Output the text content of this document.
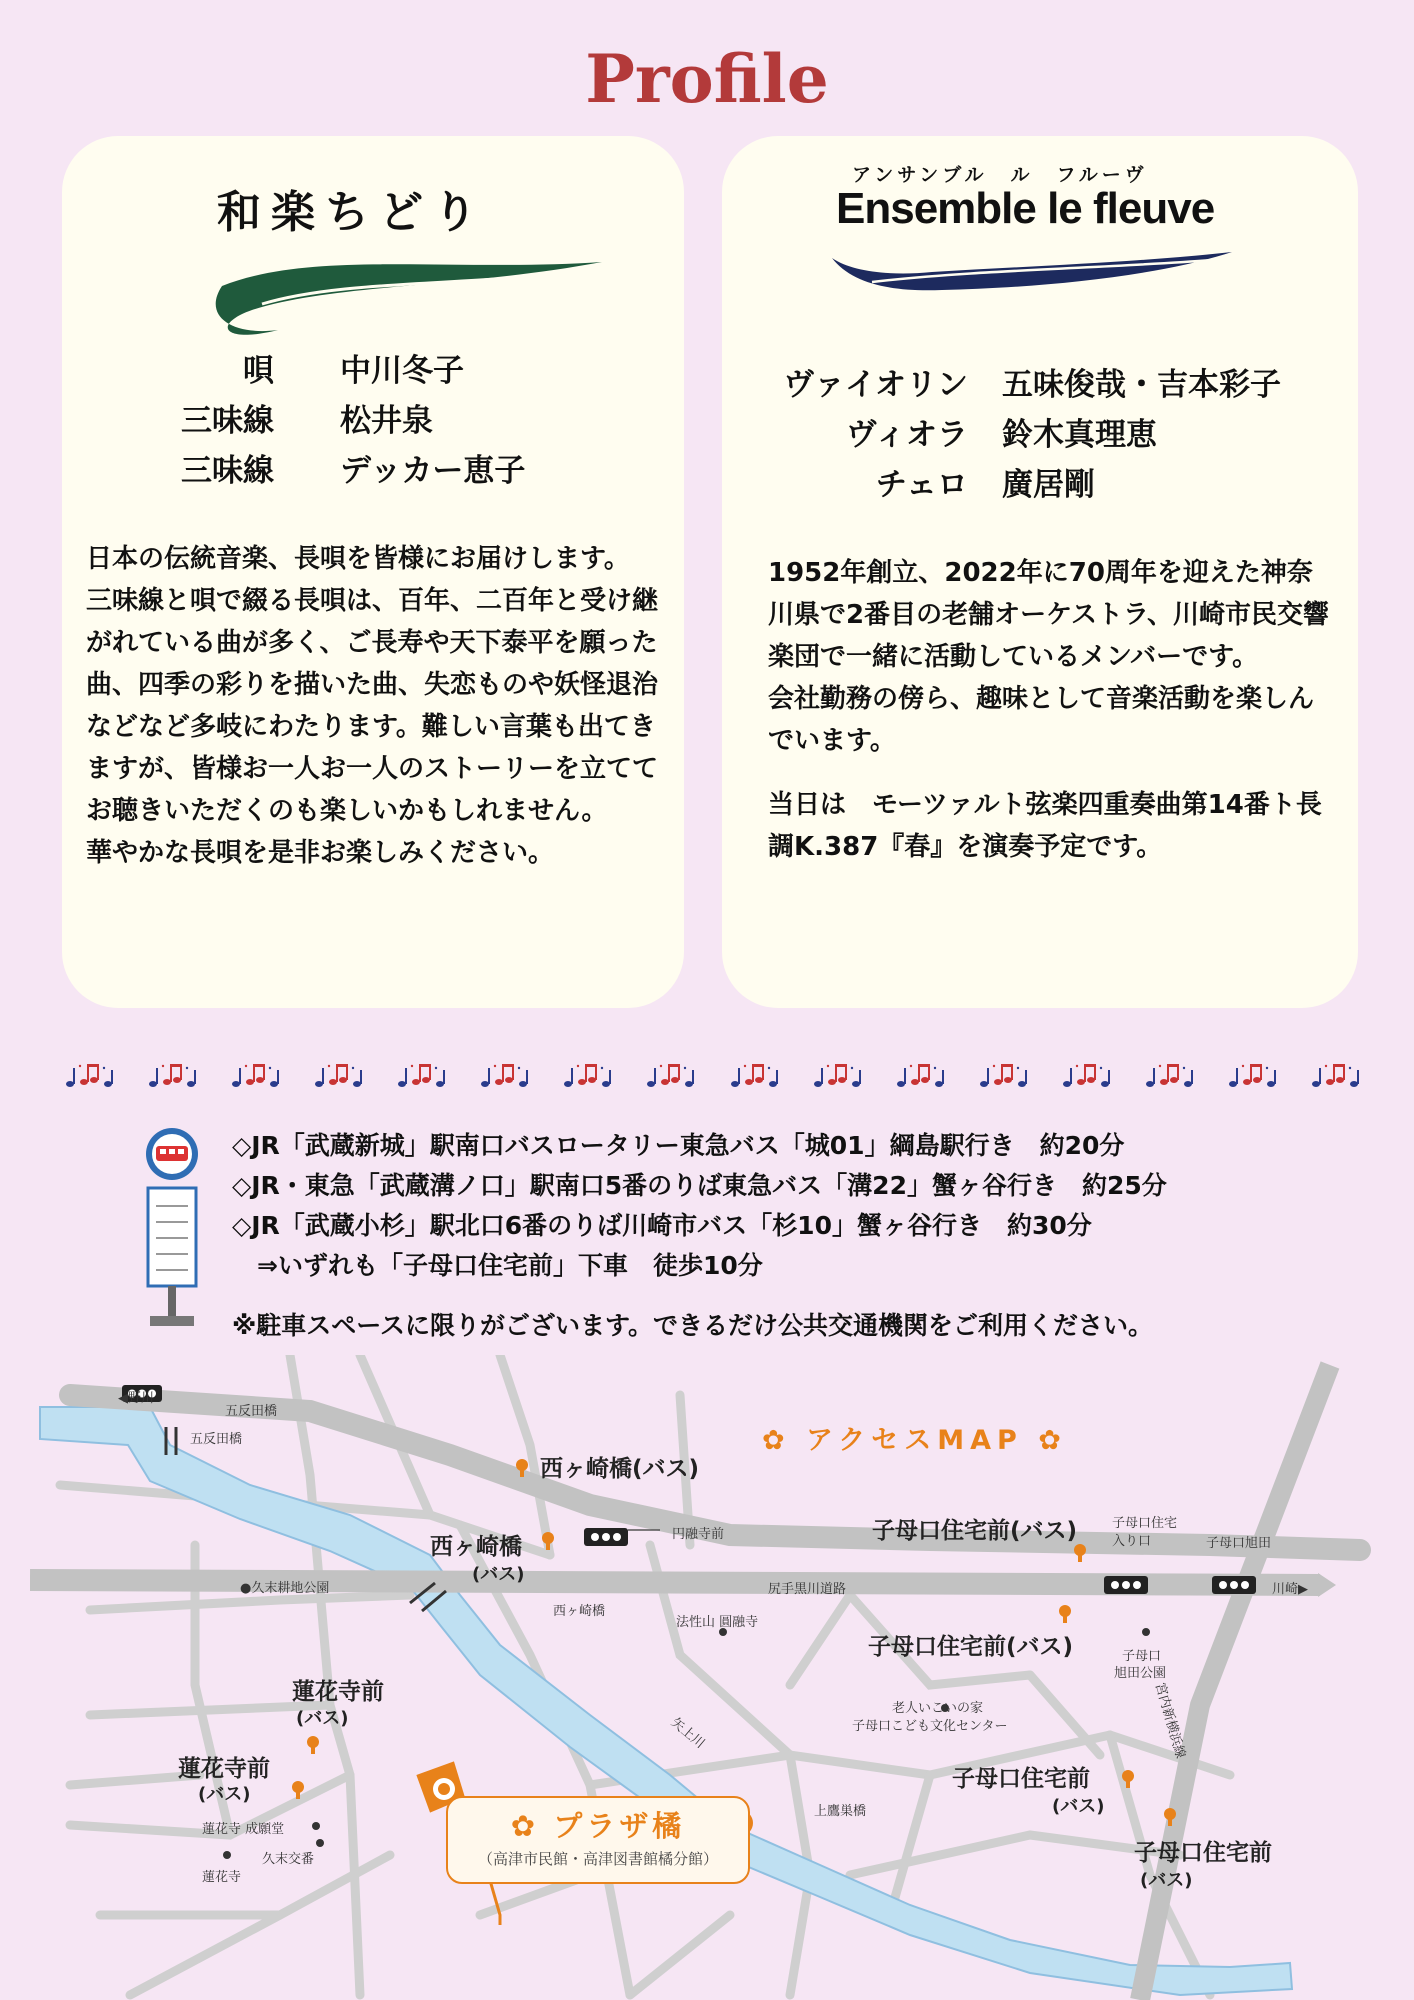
Profile
和楽ちどり
唄 中川冬子
三味線 松井泉
三味線 デッカー恵子

日本の伝統音楽、長唄を皆様にお届けします。

三味線と唄で綴る長唄は、百年、二百年と受け継がれている曲が多く、ご長寿や天下泰平を願った曲、四季の彩りを描いた曲、失恋ものや妖怪退治などなど多岐にわたります。難しい言葉も出てきますが、皆様お一人お一人のストーリーを立ててお聴きいただくのも楽しいかもしれません。

華やかな長唄を是非お楽しみください。

アンサンブル　ル　フルーヴ
Ensemble le fleuve
ヴァイオリン 五味俊哉・吉本彩子
ヴィオラ 鈴木真理恵
チェロ 廣居剛

1952年創立、2022年に70周年を迎えた神奈川県で2番目の老舗オーケストラ、川崎市民交響楽団で一緒に活動しているメンバーです。

会社勤務の傍ら、趣味として音楽活動を楽しんでいます。

当日は　モーツァルト弦楽四重奏曲第14番ト長調K.387『春』を演奏予定です。

◇JR「武蔵新城」駅南口バスロータリー東急バス「城01」綱島駅行き　約20分
◇JR・東急「武蔵溝ノ口」駅南口5番のりば東急バス「溝22」蟹ヶ谷行き　約25分
◇JR「武蔵小杉」駅北口6番のりば川崎市バス「杉10」蟹ヶ谷行き　約30分
　⇒いずれも「子母口住宅前」下車　徒歩10分
※駐車スペースに限りがございます。できるだけ公共交通機関をご利用ください。
✿ アクセスMAP ✿
◀野川
五反田橋
五反田橋
西ヶ崎橋(バス)
西ヶ崎橋
(バス)
西ヶ崎橋
円融寺前
●久末耕地公園	尻手黒川道路
法性山 圓融寺
川崎▶
子母口住宅前(バス)	子母口住宅
入り口	子母口旭田
子母口住宅前(バス)	子母口
旭田公園
宮内新横浜線
蓮花寺前
(バス)
蓮花寺前
(バス)
矢上川
老人いこいの家
子母口こども文化センター
子母口住宅前
(バス)
上鷹巣橋
子母口住宅前
(バス)
蓮花寺 成願堂
久末交番
蓮花寺
✿ プラザ橘
（高津市民館・高津図書館橘分館）
